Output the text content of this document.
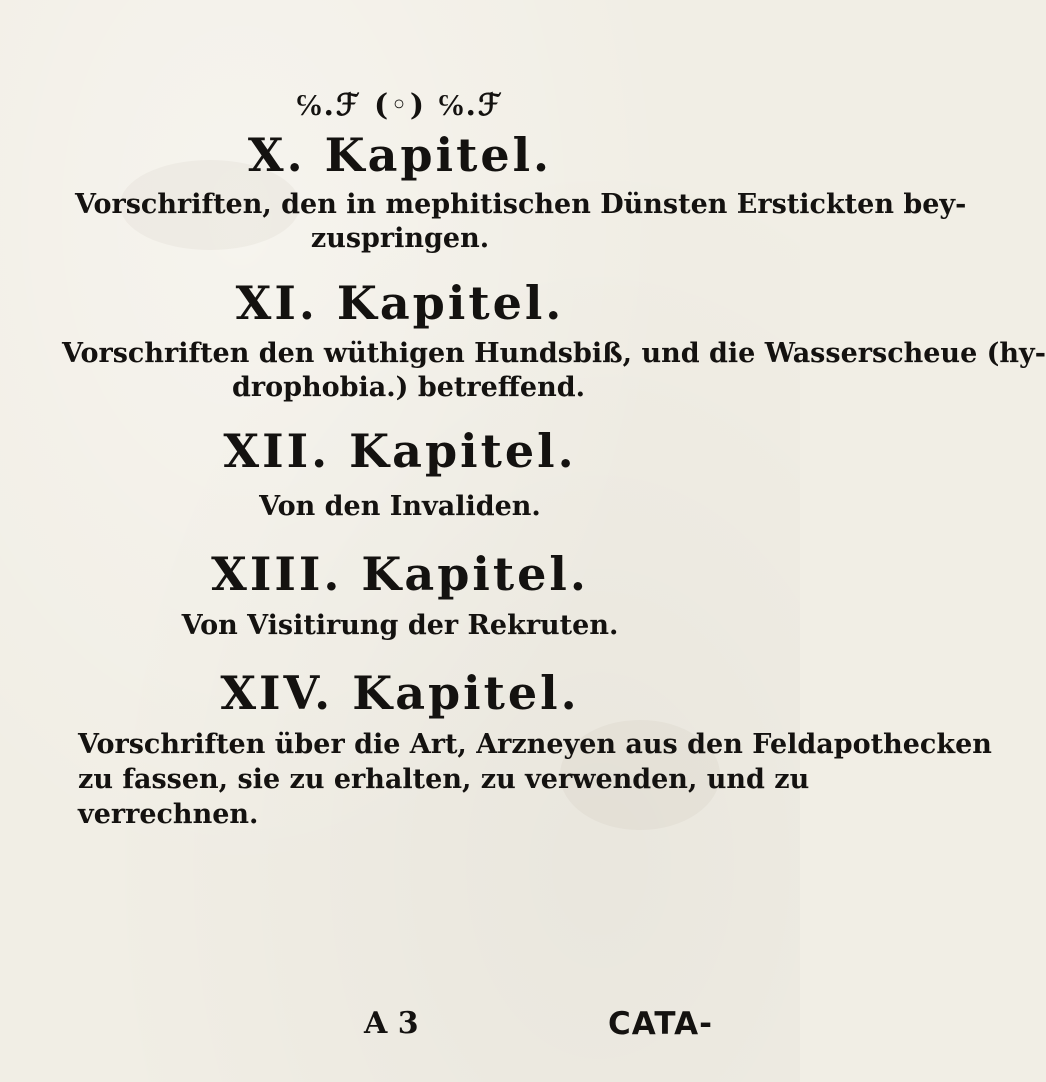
℅.ℱ (◦) ℅.ℱ
X. Kapitel.
Vorschriften, den in mephitischen Dünsten Erstickten bey-
zuspringen.
XI. Kapitel.
Vorschriften den wüthigen Hundsbiß, und die Wasserscheue (hy-
drophobia.) betreffend.
XII. Kapitel.
Von den Invaliden.
XIII. Kapitel.
Von Visitirung der Rekruten.
XIV. Kapitel.
Vorschriften über die Art, Arzneyen aus den Feldapothecken
zu fassen, sie zu erhalten, zu verwenden, und zu
verrechnen.
A 3	CATA-
